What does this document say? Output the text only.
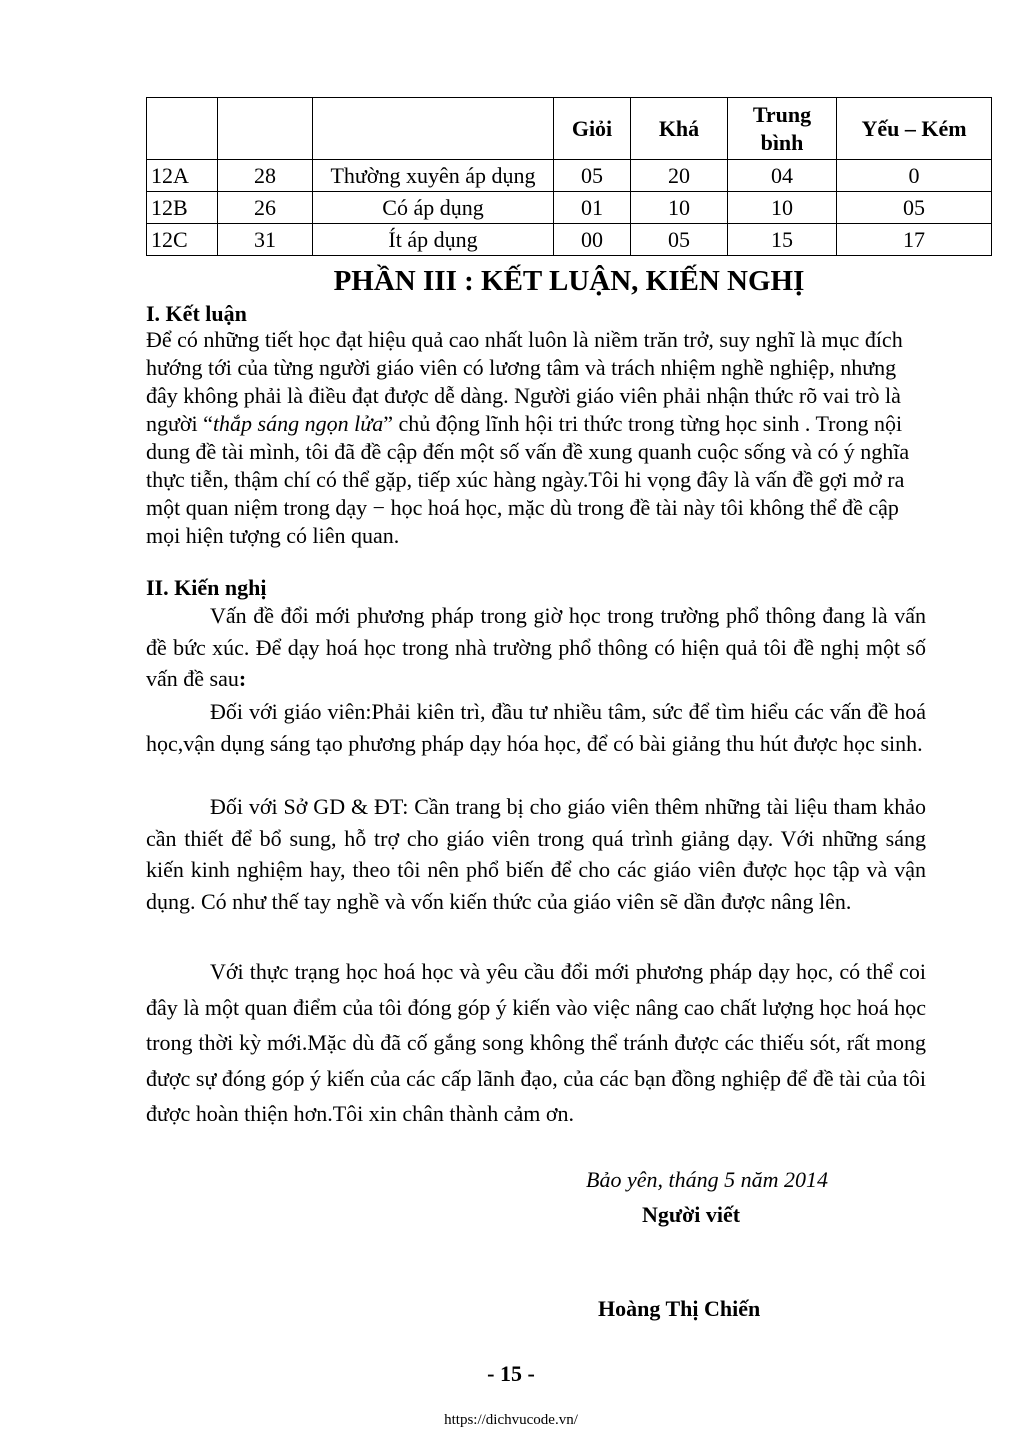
			Giỏi	Khá	Trung bình	Yếu – Kém
12A	28	Thường xuyên áp dụng	05	20	04	0
12B	26	Có áp dụng	01	10	10	05
12C	31	Ít áp dụng	00	05	15	17
PHẦN III : KẾT LUẬN, KIẾN NGHỊ
I. Kết luận
Để có những tiết học đạt hiệu quả cao nhất luôn là niềm trăn trở, suy nghĩ là mục đích hướng tới của từng người giáo viên có lương tâm và trách nhiệm nghề nghiệp, nhưng đây không phải là điều đạt được dễ dàng. Người giáo viên phải nhận thức rõ vai trò là người “thắp sáng ngọn lửa” chủ động lĩnh hội tri thức trong từng học sinh . Trong nội dung đề tài mình, tôi đã đề cập đến một số vấn đề xung quanh cuộc sống và có ý nghĩa thực tiễn, thậm chí có thể gặp, tiếp xúc hàng ngày.Tôi hi vọng đây là vấn đề gợi mở ra một quan niệm trong dạy − học hoá học, mặc dù trong đề tài này tôi không thể đề cập mọi hiện tượng có liên quan.
II. Kiến nghị
Vấn đề đổi mới phương pháp trong giờ học trong trường phổ thông đang là vấn đề bức xúc. Để dạy hoá học trong nhà trường phổ thông có hiện quả tôi đề nghị một số vấn đề sau:
Đối với giáo viên:Phải kiên trì, đầu tư nhiều tâm, sức để tìm hiểu các vấn đề hoá học,vận dụng sáng tạo phương pháp dạy hóa học, để có bài giảng thu hút được học sinh.
Đối với Sở GD & ĐT: Cần trang bị cho giáo viên thêm những tài liệu tham khảo cần thiết để bổ sung, hỗ trợ cho giáo viên trong quá trình giảng dạy. Với những sáng kiến kinh nghiệm hay, theo tôi nên phổ biến để cho các giáo viên được học tập và vận dụng. Có như thế tay nghề và vốn kiến thức của giáo viên sẽ dần được nâng lên.
Với thực trạng học hoá học và yêu cầu đổi mới phương pháp dạy học, có thể coi đây là một quan điểm của tôi đóng góp ý kiến vào việc nâng cao chất lượng học hoá học trong thời kỳ mới.Mặc dù đã cố gắng song không thể tránh được các thiếu sót, rất mong được sự đóng góp ý kiến của các cấp lãnh đạo, của các bạn đồng nghiệp để đề tài của tôi được hoàn thiện hơn.Tôi xin chân thành cảm ơn.
Bảo yên, tháng 5 năm 2014
Người viết
Hoàng Thị Chiến
- 15 -
https://dichvucode.vn/
